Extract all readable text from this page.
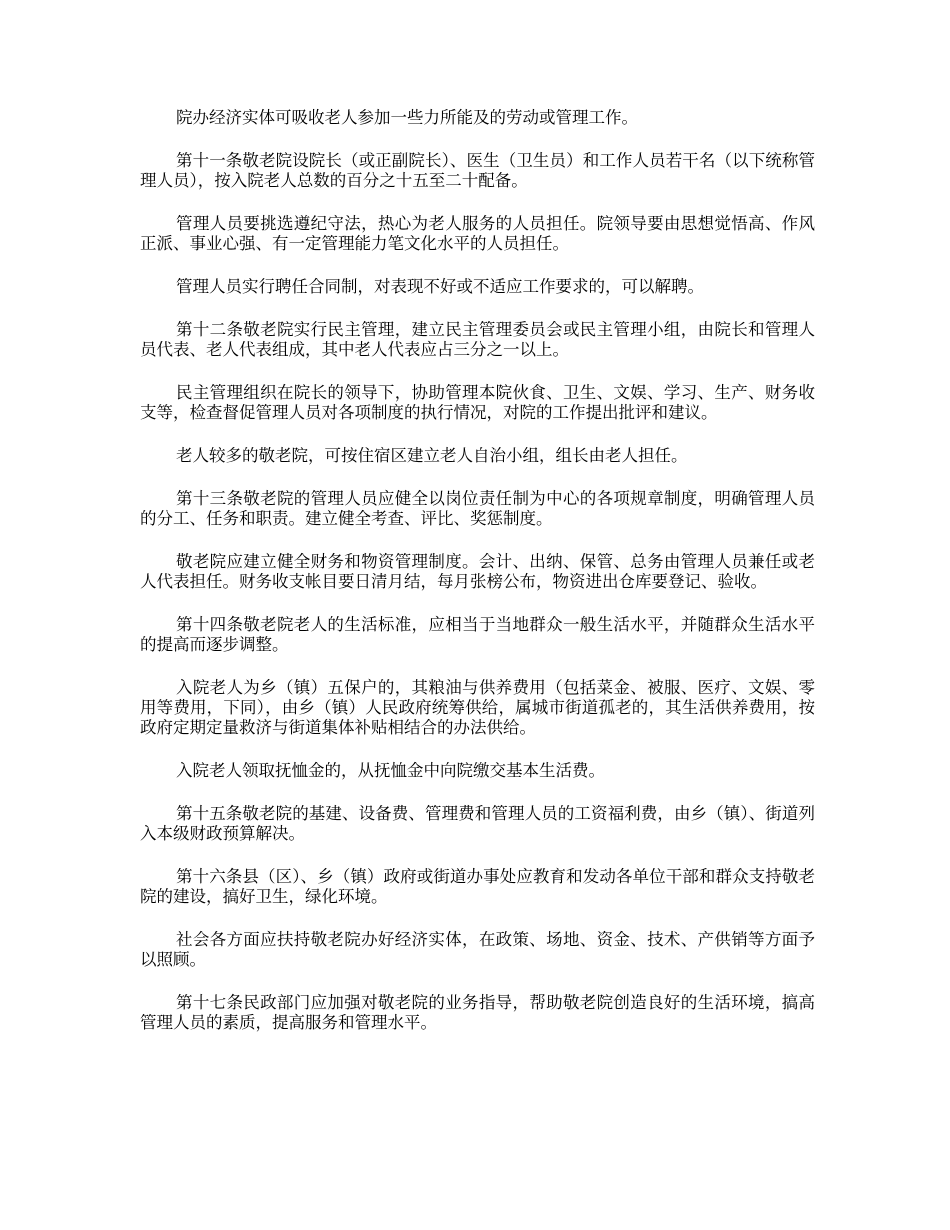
院办经济实体可吸收老人参加一些力所能及的劳动或管理工作。

第十一条敬老院设院长（或正副院长）、医生（卫生员）和工作人员若干名（以下统称管理人员），按入院老人总数的百分之十五至二十配备。

管理人员要挑选遵纪守法，热心为老人服务的人员担任。院领导要由思想觉悟高、作风正派、事业心强、有一定管理能力笔文化水平的人员担任。

管理人员实行聘任合同制，对表现不好或不适应工作要求的，可以解聘。

第十二条敬老院实行民主管理，建立民主管理委员会或民主管理小组，由院长和管理人员代表、老人代表组成，其中老人代表应占三分之一以上。

民主管理组织在院长的领导下，协助管理本院伙食、卫生、文娱、学习、生产、财务收支等，检查督促管理人员对各项制度的执行情况，对院的工作提出批评和建议。

老人较多的敬老院，可按住宿区建立老人自治小组，组长由老人担任。

第十三条敬老院的管理人员应健全以岗位责任制为中心的各项规章制度，明确管理人员的分工、任务和职责。建立健全考查、评比、奖惩制度。

敬老院应建立健全财务和物资管理制度。会计、出纳、保管、总务由管理人员兼任或老人代表担任。财务收支帐目要日清月结，每月张榜公布，物资进出仓库要登记、验收。

第十四条敬老院老人的生活标准，应相当于当地群众一般生活水平，并随群众生活水平的提高而逐步调整。

入院老人为乡（镇）五保户的，其粮油与供养费用（包括菜金、被服、医疗、文娱、零用等费用，下同），由乡（镇）人民政府统筹供给，属城市街道孤老的，其生活供养费用，按政府定期定量救济与街道集体补贴相结合的办法供给。

入院老人领取抚恤金的，从抚恤金中向院缴交基本生活费。

第十五条敬老院的基建、设备费、管理费和管理人员的工资福利费，由乡（镇）、街道列入本级财政预算解决。

第十六条县（区）、乡（镇）政府或街道办事处应教育和发动各单位干部和群众支持敬老院的建设，搞好卫生，绿化环境。

社会各方面应扶持敬老院办好经济实体，在政策、场地、资金、技术、产供销等方面予以照顾。

第十七条民政部门应加强对敬老院的业务指导，帮助敬老院创造良好的生活环境，搞高管理人员的素质，提高服务和管理水平。
